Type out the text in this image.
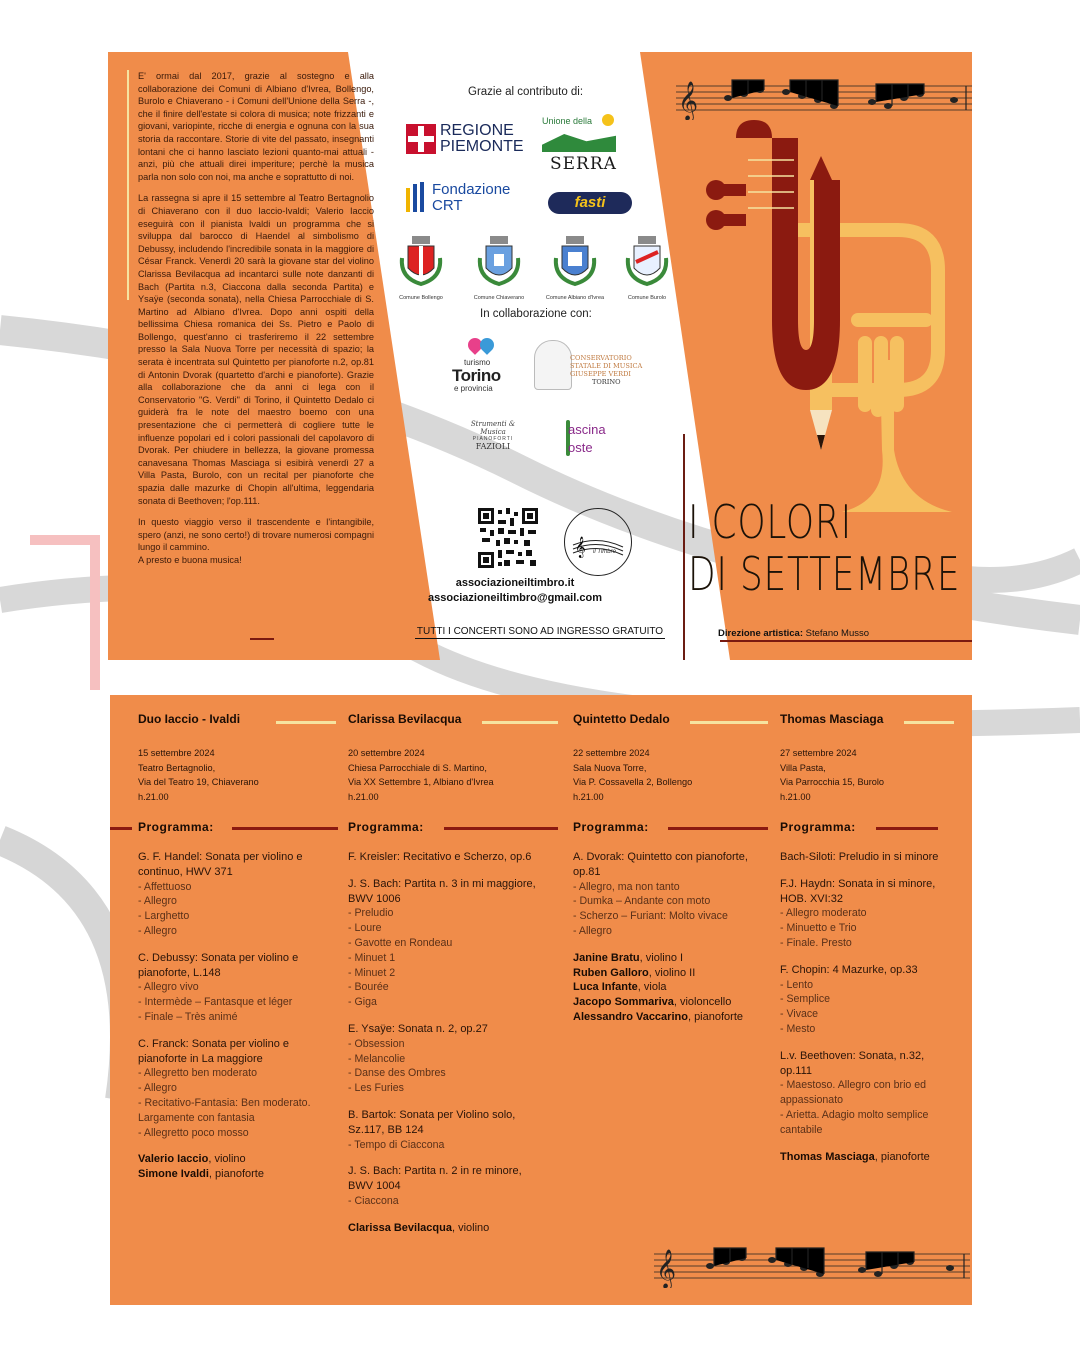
E' ormai dal 2017, grazie al sostegno e alla collaborazione dei Comuni di Albiano d'Ivrea, Bollengo, Burolo e Chiaverano - i Comuni dell'Unione della Serra -, che il finire dell'estate si colora di musica; note frizzanti e giovani, variopinte, ricche di energia e ognuna con la sua storia da raccontare. Storie di vite del passato, insegnanti lontani che ci hanno lasciato lezioni quanto-mai attuali - anzi, più che attuali direi imperiture; perchè la musica parla non solo con noi, ma anche e soprattutto di noi.

La rassegna si apre il 15 settembre al Teatro Bertagnolio di Chiaverano con il duo Iaccio-Ivaldi; Valerio Iaccio eseguirà con il pianista Ivaldi un programma che si sviluppa dal barocco di Haendel al simbolismo di Debussy, includendo l'incredibile sonata in la maggiore di César Franck. Venerdì 20 sarà la giovane star del violino Clarissa Bevilacqua ad incantarci sulle note danzanti di Bach (Partita n.3, Ciaccona dalla seconda Partita) e Ysaÿe (seconda sonata), nella Chiesa Parrocchiale di S. Martino ad Albiano d'Ivrea. Dopo anni ospiti della bellissima Chiesa romanica dei Ss. Pietro e Paolo di Bollengo, quest'anno ci trasferiremo il 22 settembre presso la Sala Nuova Torre per necessità di spazio; la serata è incentrata sul Quintetto per pianoforte n.2, op.81 di Antonin Dvorak (quartetto d'archi e pianoforte). Grazie alla collaborazione che da anni ci lega con il Conservatorio "G. Verdi" di Torino, il Quintetto Dedalo ci guiderà fra le note del maestro boemo con una presentazione che ci permetterà di cogliere tutte le influenze popolari ed i colori passionali del capolavoro di Dvorak. Per chiudere in bellezza, la giovane promessa canavesana Thomas Masciaga si esibirà venerdì 27 a Villa Pasta, Burolo, con un recital per pianoforte che spazia dalle mazurke di Chopin all'ultima, leggendaria sonata di Beethoven; l'op.111.

In questo viaggio verso il trascendente e l'intangibile, spero (anzi, ne sono certo!) di trovare numerosi compagni lungo il cammino.

A presto e buona musica!

Grazie al contributo di:
REGIONE
PIEMONTE
Unione della
SERRA
Fondazione
CRT	fasti
Comune Bollengo	Comune Chiaverano	Comune Albiano d'Ivrea	Comune Burolo
In collaborazione con:
turismo
Torino
e provincia
CONSERVATORIO
STATALE DI MUSICA
GIUSEPPE VERDI
TORINO
Strumenti & Musica
PIANOFORTI
FAZIOLI
ascina
oste
𝄞 il Timbro
associazioneiltimbro.it
associazioneiltimbro@gmail.com
TUTTI I CONCERTI SONO AD INGRESSO GRATUITO
𝄞
I COLORI
DI SETTEMBRE
Direzione artistica: Stefano Musso
Duo Iaccio - Ivaldi
15 settembre 2024
Teatro Bertagnolio,
Via del Teatro 19, Chiaverano
h.21.00
Programma:
G. F. Handel: Sonata per violino e continuo, HWV 371
- Affettuoso
- Allegro
- Larghetto
- Allegro
C. Debussy: Sonata per violino e pianoforte, L.148
- Allegro vivo
- Intermède – Fantasque et léger
- Finale – Très animé
C. Franck: Sonata per violino e pianoforte in La maggiore
- Allegretto ben moderato
- Allegro
- Recitativo-Fantasia: Ben moderato. Largamente con fantasia
- Allegretto poco mosso
Valerio Iaccio, violino
Simone Ivaldi, pianoforte
Clarissa Bevilacqua
20 settembre 2024
Chiesa Parrocchiale di S. Martino,
Via XX Settembre 1, Albiano d'Ivrea
h.21.00
Programma:
F. Kreisler: Recitativo e Scherzo, op.6
J. S. Bach: Partita n. 3 in mi maggiore, BWV 1006
- Preludio
- Loure
- Gavotte en Rondeau
- Minuet 1
- Minuet 2
- Bourée
- Giga
E. Ysaÿe: Sonata n. 2, op.27
- Obsession
- Melancolie
- Danse des Ombres
- Les Furies
B. Bartok: Sonata per Violino solo, Sz.117, BB 124
- Tempo di Ciaccona
J. S. Bach: Partita n. 2 in re minore, BWV 1004
- Ciaccona
Clarissa Bevilacqua, violino
Quintetto Dedalo
22 settembre 2024
Sala Nuova Torre,
Via P. Cossavella 2, Bollengo
h.21.00
Programma:
A. Dvorak: Quintetto con pianoforte, op.81
- Allegro, ma non tanto
- Dumka – Andante con moto
- Scherzo – Furiant: Molto vivace
- Allegro
Janine Bratu, violino I
Ruben Galloro, violino II
Luca Infante, viola
Jacopo Sommariva, violoncello
Alessandro Vaccarino, pianoforte
Thomas Masciaga
27 settembre 2024
Villa Pasta,
Via Parrocchia 15, Burolo
h.21.00
Programma:
Bach-Siloti: Preludio in si minore
F.J. Haydn: Sonata in si minore, HOB. XVI:32
- Allegro moderato
- Minuetto e Trio
- Finale. Presto
F. Chopin: 4 Mazurke, op.33
- Lento
- Semplice
- Vivace
- Mesto
L.v. Beethoven: Sonata, n.32, op.111
- Maestoso. Allegro con brio ed appassionato
- Arietta. Adagio molto semplice cantabile
Thomas Masciaga, pianoforte
𝄞
